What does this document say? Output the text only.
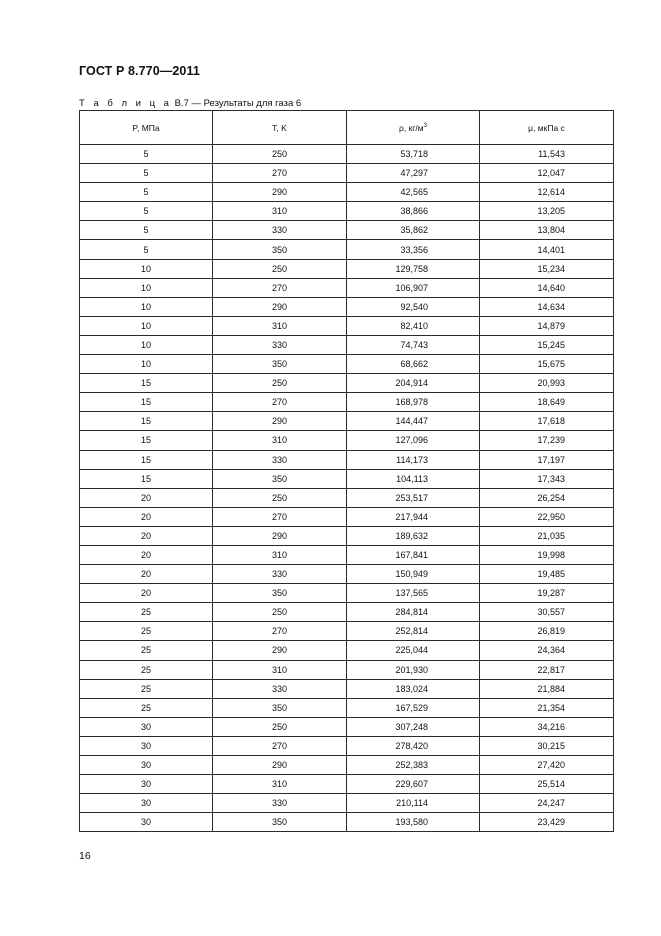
ГОСТ Р 8.770—2011
Т а б л и ц а В.7 — Результаты для газа 6
P, МПа	T, K	ρ, $кг/м^3$	μ, мкПа с
5	250	53,718	11,543
5	270	47,297	12,047
5	290	42,565	12,614
5	310	38,866	13,205
5	330	35,862	13,804
5	350	33,356	14,401
10	250	129,758	15,234
10	270	106,907	14,640
10	290	92,540	14,634
10	310	82,410	14,879
10	330	74,743	15,245
10	350	68,662	15,675
15	250	204,914	20,993
15	270	168,978	18,649
15	290	144,447	17,618
15	310	127,096	17,239
15	330	114,173	17,197
15	350	104,113	17,343
20	250	253,517	26,254
20	270	217,944	22,950
20	290	189,632	21,035
20	310	167,841	19,998
20	330	150,949	19,485
20	350	137,565	19,287
25	250	284,814	30,557
25	270	252,814	26,819
25	290	225,044	24,364
25	310	201,930	22,817
25	330	183,024	21,884
25	350	167,529	21,354
30	250	307,248	34,216
30	270	278,420	30,215
30	290	252,383	27,420
30	310	229,607	25,514
30	330	210,114	24,247
30	350	193,580	23,429
16
